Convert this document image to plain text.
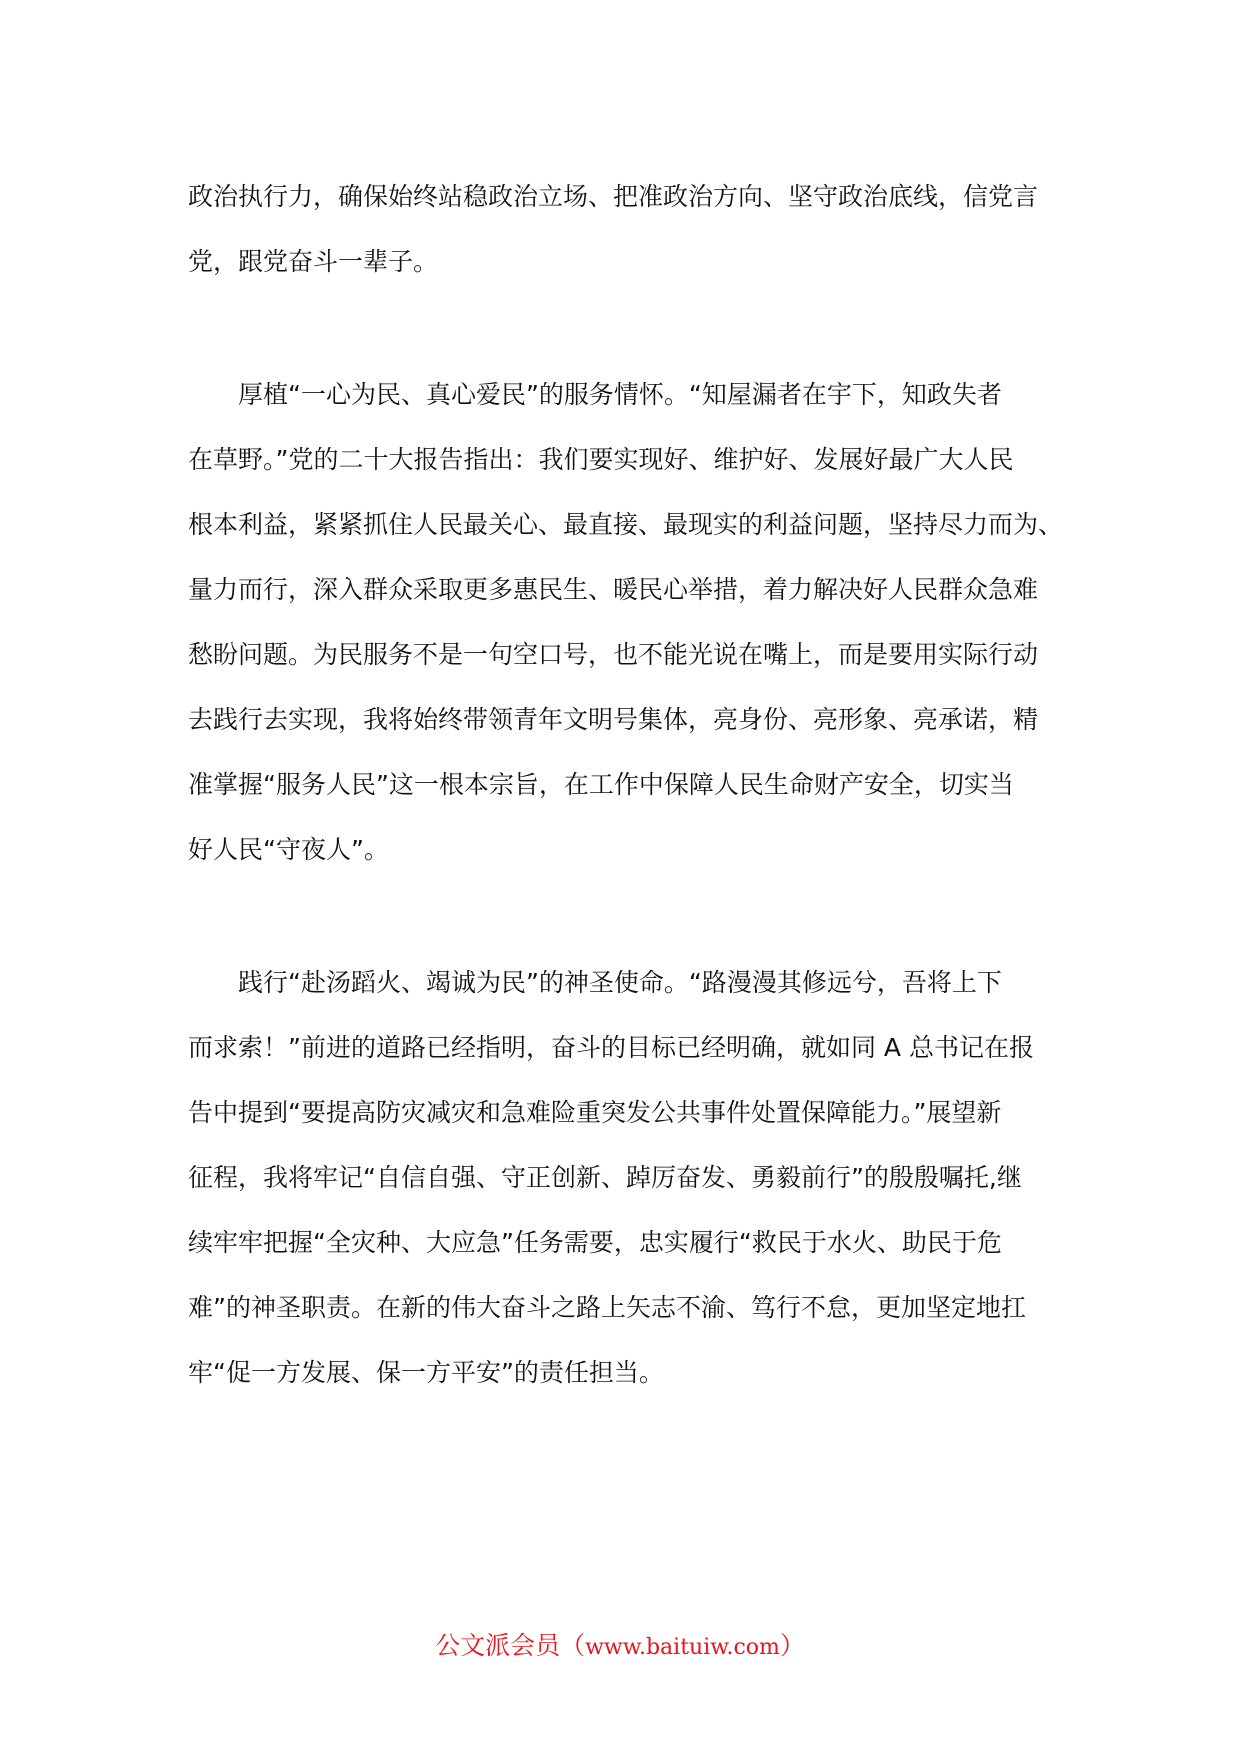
政治执行力，确保始终站稳政治立场、把准政治方向、坚守政治底线，信党言
党，跟党奋斗一辈子。
　　厚植“一心为民、真心爱民”的服务情怀。“知屋漏者在宇下，知政失者
在草野。”党的二十大报告指出：我们要实现好、维护好、发展好最广大人民
根本利益，紧紧抓住人民最关心、最直接、最现实的利益问题，坚持尽力而为、
量力而行，深入群众采取更多惠民生、暖民心举措，着力解决好人民群众急难
愁盼问题。为民服务不是一句空口号，也不能光说在嘴上，而是要用实际行动
去践行去实现，我将始终带领青年文明号集体，亮身份、亮形象、亮承诺，精
准掌握“服务人民”这一根本宗旨，在工作中保障人民生命财产安全，切实当
好人民“守夜人”。
　　践行“赴汤蹈火、竭诚为民”的神圣使命。“路漫漫其修远兮，吾将上下
而求索！”前进的道路已经指明，奋斗的目标已经明确，就如同 A 总书记在报
告中提到“要提高防灾减灾和急难险重突发公共事件处置保障能力。”展望新
征程，我将牢记“自信自强、守正创新、踔厉奋发、勇毅前行”的殷殷嘱托,继
续牢牢把握“全灾种、大应急”任务需要，忠实履行“救民于水火、助民于危
难”的神圣职责。在新的伟大奋斗之路上矢志不渝、笃行不怠，更加坚定地扛
牢“促一方发展、保一方平安”的责任担当。
公文派会员（www.baituiw.com）
